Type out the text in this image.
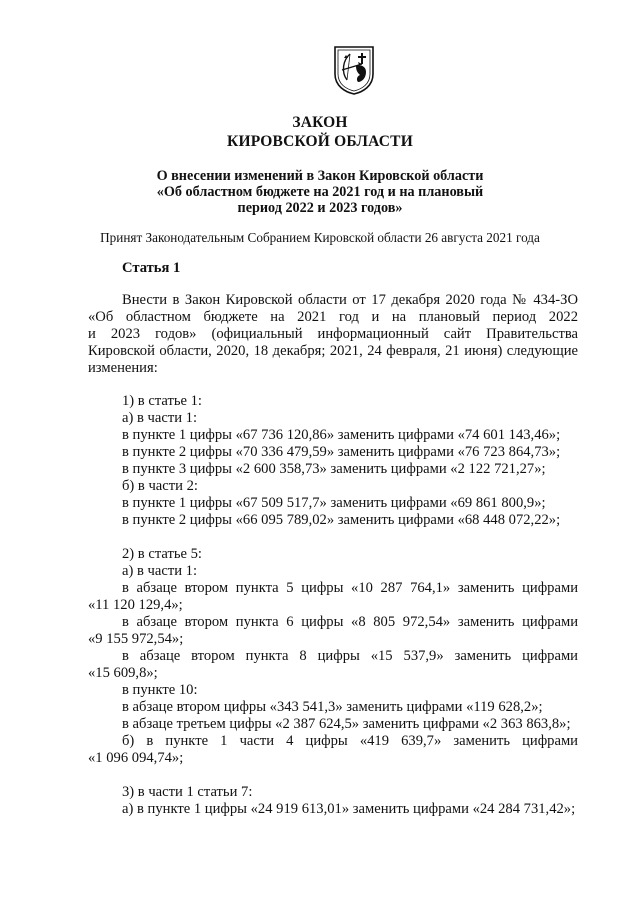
ЗАКОН
КИРОВСКОЙ ОБЛАСТИ
О внесении изменений в Закон Кировской области
«Об областном бюджете на 2021 год и на плановый
период 2022 и 2023 годов»
Принят Законодательным Собранием Кировской области 26 августа 2021 года
Статья 1
Внести в Закон Кировской области от 17 декабря 2020 года № 434-ЗО
«Об областном бюджете на 2021 год и на плановый период 2022
и 2023 годов» (официальный информационный сайт Правительства
Кировской области, 2020, 18 декабря; 2021, 24 февраля, 21 июня) следующие
изменения:
1) в статье 1:
а) в части 1:
в пункте 1 цифры «67 736 120,86» заменить цифрами «74 601 143,46»;
в пункте 2 цифры «70 336 479,59» заменить цифрами «76 723 864,73»;
в пункте 3 цифры «2 600 358,73» заменить цифрами «2 122 721,27»;
б) в части 2:
в пункте 1 цифры «67 509 517,7» заменить цифрами «69 861 800,9»;
в пункте 2 цифры «66 095 789,02» заменить цифрами «68 448 072,22»;
2) в статье 5:
а) в части 1:
в абзаце втором пункта 5 цифры «10 287 764,1» заменить цифрами
«11 120 129,4»;
в абзаце втором пункта 6 цифры «8 805 972,54» заменить цифрами
«9 155 972,54»;
в абзаце втором пункта 8 цифры «15 537,9» заменить цифрами
«15 609,8»;
в пункте 10:
в абзаце втором цифры «343 541,3» заменить цифрами «119 628,2»;
в абзаце третьем цифры «2 387 624,5» заменить цифрами «2 363 863,8»;
б) в пункте 1 части 4 цифры «419 639,7» заменить цифрами
«1 096 094,74»;
3) в части 1 статьи 7:
а) в пункте 1 цифры «24 919 613,01» заменить цифрами «24 284 731,42»;
